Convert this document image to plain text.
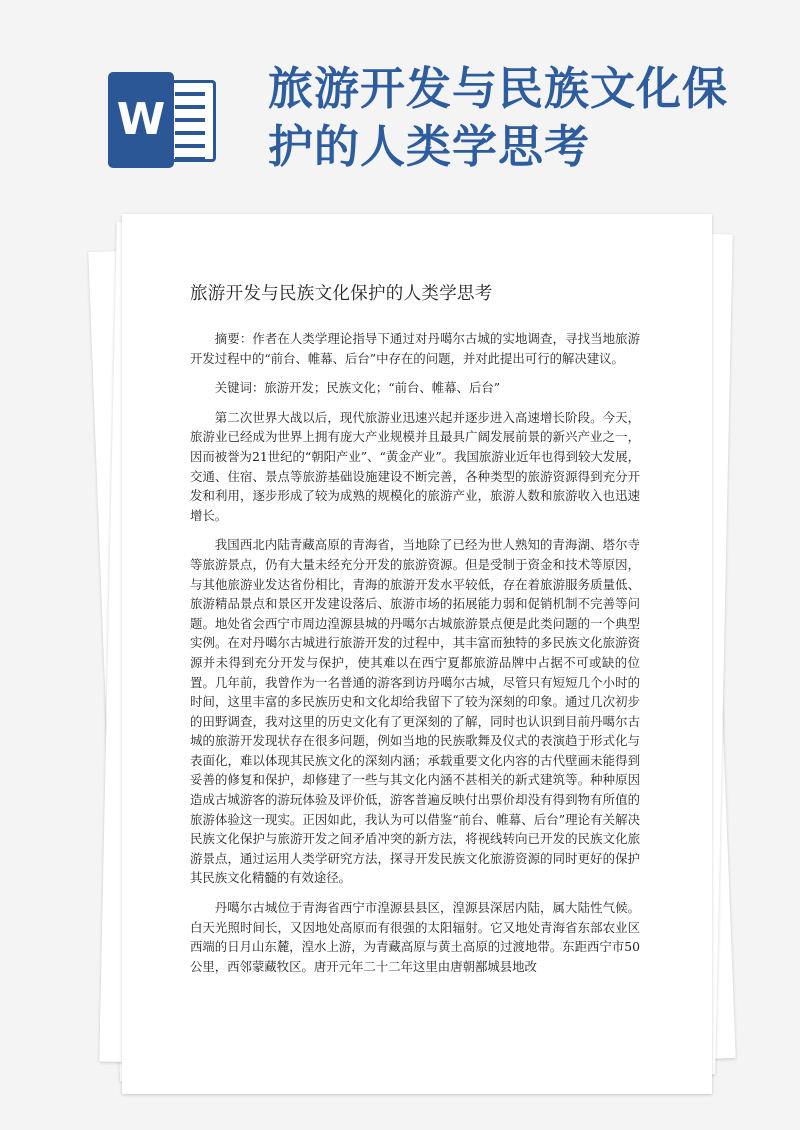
W
旅游开发与民族文化保护的人类学思考
旅游开发与民族文化保护的人类学思考

摘要：作者在人类学理论指导下通过对丹噶尔古城的实地调查，寻找当地旅游开发过程中的“前台、帷幕、后台”中存在的问题，并对此提出可行的解决建议。

关键词：旅游开发；民族文化；“前台、帷幕、后台”

第二次世界大战以后，现代旅游业迅速兴起并逐步进入高速增长阶段。今天，旅游业已经成为世界上拥有庞大产业规模并且最具广阔发展前景的新兴产业之一，因而被誉为21世纪的“朝阳产业”、“黄金产业”。我国旅游业近年也得到较大发展，交通、住宿、景点等旅游基础设施建设不断完善，各种类型的旅游资源得到充分开发和利用，逐步形成了较为成熟的规模化的旅游产业，旅游人数和旅游收入也迅速增长。

我国西北内陆青藏高原的青海省，当地除了已经为世人熟知的青海湖、塔尔寺等旅游景点，仍有大量未经充分开发的旅游资源。但是受制于资金和技术等原因，与其他旅游业发达省份相比，青海的旅游开发水平较低，存在着旅游服务质量低、旅游精品景点和景区开发建设落后、旅游市场的拓展能力弱和促销机制不完善等问题。地处省会西宁市周边湟源县城的丹噶尔古城旅游景点便是此类问题的一个典型实例。在对丹噶尔古城进行旅游开发的过程中，其丰富而独特的多民族文化旅游资源并未得到充分开发与保护，使其难以在西宁夏都旅游品牌中占据不可或缺的位置。几年前，我曾作为一名普通的游客到访丹噶尔古城，尽管只有短短几个小时的时间，这里丰富的多民族历史和文化却给我留下了较为深刻的印象。通过几次初步的田野调查，我对这里的历史文化有了更深刻的了解，同时也认识到目前丹噶尔古城的旅游开发现状存在很多问题，例如当地的民族歌舞及仪式的表演趋于形式化与表面化，难以体现其民族文化的深刻内涵；承载重要文化内容的古代壁画未能得到妥善的修复和保护，却修建了一些与其文化内涵不甚相关的新式建筑等。种种原因造成古城游客的游玩体验及评价低，游客普遍反映付出票价却没有得到物有所值的旅游体验这一现实。正因如此，我认为可以借鉴“前台、帷幕、后台”理论有关解决民族文化保护与旅游开发之间矛盾冲突的新方法，将视线转向已开发的民族文化旅游景点，通过运用人类学研究方法，探寻开发民族文化旅游资源的同时更好的保护其民族文化精髓的有效途径。

丹噶尔古城位于青海省西宁市湟源县县区，湟源县深居内陆，属大陆性气候。白天光照时间长，又因地处高原而有很强的太阳辐射。它又地处青海省东部农业区西端的日月山东麓，湟水上游，为青藏高原与黄土高原的过渡地带。东距西宁市50公里，西邻蒙藏牧区。唐开元年二十二年这里由唐朝鄯城县地改
